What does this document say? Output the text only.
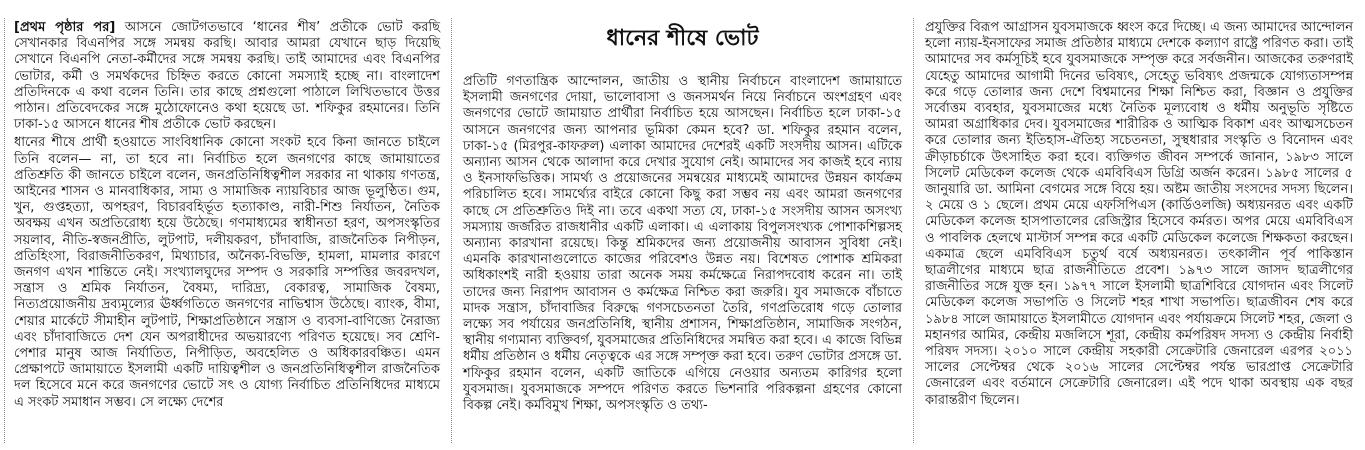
[প্রথম পৃষ্ঠার পর] আসনে জোটগতভাবে ‘ধানের শীষ’ প্রতীকে ভোট করছি সেখানকার বিএনপির সঙ্গে সমন্বয় করছি। আবার আমরা যেখানে ছাড় দিয়েছি সেখানে বিএনপি নেতা-কর্মীদের সঙ্গে সমন্বয় করছি। তাই আমাদের এবং বিএনপির ভোটার, কর্মী ও সমর্থকদের চিহ্নিত করতে কোনো সমস্যাই হচ্ছে না। বাংলাদেশ প্রতিদিনকে এ কথা বলেন তিনি। তার কাছে প্রশ্নগুলো পাঠালে লিখিতভাবে উত্তর পাঠান। প্রতিবেদকের সঙ্গে মুঠোফোনেও কথা হয়েছে ডা. শফিকুর রহমানের। তিনি ঢাকা-১৫ আসনে ধানের শীষ প্রতীকে ভোট করছেন।

ধানের শীষে প্রার্থী হওয়াতে সাংবিধানিক কোনো সংকট হবে কিনা জানতে চাইলে তিনি বলেন— না, তা হবে না। নির্বাচিত হলে জনগণের কাছে জামায়াতের প্রতিশ্রুতি কী জানতে চাইলে বলেন, জনপ্রতিনিধিত্বশীল সরকার না থাকায় গণতন্ত্র, আইনের শাসন ও মানবাধিকার, সাম্য ও সামাজিক ন্যায়বিচার আজ ভূলুণ্ঠিত। গুম, খুন, গুপ্তহত্যা, অপহরণ, বিচারবহির্ভূত হত্যাকাণ্ড, নারী-শিশু নির্যাতন, নৈতিক অবক্ষয় এখন অপ্রতিরোধ্য হয়ে উঠেছে। গণমাধ্যমের স্বাধীনতা হরণ, অপসংস্কৃতির সয়লাব, নীতি-স্বজনপ্রীতি, লুটপাট, দলীয়করণ, চাঁদাবাজি, রাজনৈতিক নিপীড়ন, প্রতিহিংসা, বিরাজনীতিকরণ, মিথ্যাচার, অনৈক্য-বিভক্তি, হামলা, মামলার কারণে জনগণ এখন শান্তিতে নেই। সংখ্যালঘুদের সম্পদ ও সরকারি সম্পত্তির জবরদখল, সন্ত্রাস ও শ্রমিক নির্যাতন, বৈষম্য, দারিদ্র্য, বেকারত্ব, সামাজিক বৈষম্য, নিত্যপ্রয়োজনীয় দ্রব্যমূল্যের ঊর্ধ্বগতিতে জনগণের নাভিশ্বাস উঠেছে। ব্যাংক, বীমা, শেয়ার মার্কেটে সীমাহীন লুটপাট, শিক্ষাপ্রতিষ্ঠানে সন্ত্রাস ও ব্যবসা-বাণিজ্যে নৈরাজ্য এবং চাঁদাবাজিতে দেশ যেন অপরাধীদের অভয়ারণ্যে পরিণত হয়েছে। সব শ্রেণি-পেশার মানুষ আজ নির্যাতিত, নিপীড়িত, অবহেলিত ও অধিকারবঞ্চিত। এমন প্রেক্ষাপটে জামায়াতে ইসলামী একটি দায়িত্বশীল ও জনপ্রতিনিধিত্বশীল রাজনৈতিক দল হিসেবে মনে করে জনগণের ভোটে সৎ ও যোগ্য নির্বাচিত প্রতিনিধিদের মাধ্যমে এ সংকট সমাধান সম্ভব। সে লক্ষ্যে দেশের

ধানের শীষে ভোট

প্রতিটি গণতান্ত্রিক আন্দোলন, জাতীয় ও স্থানীয় নির্বাচনে বাংলাদেশ জামায়াতে ইসলামী জনগণের দোয়া, ভালোবাসা ও জনসমর্থন নিয়ে নির্বাচনে অংশগ্রহণ এবং জনগণের ভোটে জামায়াত প্রার্থীরা নির্বাচিত হয়ে আসছেন। নির্বাচিত হলে ঢাকা-১৫ আসনে জনগণের জন্য আপনার ভূমিকা কেমন হবে? ডা. শফিকুর রহমান বলেন, ঢাকা-১৫ (মিরপুর-কাফরুল) এলাকা আমাদের দেশেরই একটি সংসদীয় আসন। এটিকে অন্যান্য আসন থেকে আলাদা করে দেখার সুযোগ নেই। আমাদের সব কাজই হবে ন্যায় ও ইনসাফভিত্তিক। সামর্থ্য ও প্রয়োজনের সমন্বয়ের মাধ্যমেই আমাদের উন্নয়ন কার্যক্রম পরিচালিত হবে। সামর্থ্যের বাইরে কোনো কিছু করা সম্ভব নয় এবং আমরা জনগণের কাছে সে প্রতিশ্রুতিও দিই না। তবে একথা সত্য যে, ঢাকা-১৫ সংসদীয় আসন অসংখ্য সমস্যায় জর্জরিত রাজধানীর একটি এলাকা। এ এলাকায় বিপুলসংখ্যক পোশাকশিল্পসহ অন্যান্য কারখানা রয়েছে। কিন্তু শ্রমিকদের জন্য প্রয়োজনীয় আবাসন সুবিধা নেই। এমনকি কারখানাগুলোতে কাজের পরিবেশও উন্নত নয়। বিশেষত পোশাক শ্রমিকরা অধিকাংশই নারী হওয়ায় তারা অনেক সময় কর্মক্ষেত্রে নিরাপদবোধ করেন না। তাই তাদের জন্য নিরাপদ আবাসন ও কর্মক্ষেত্র নিশ্চিত করা জরুরি। যুব সমাজকে বাঁচাতে মাদক সন্ত্রাস, চাঁদাবাজির বিরুদ্ধে গণসচেতনতা তৈরি, গণপ্রতিরোধ গড়ে তোলার লক্ষ্যে সব পর্যায়ের জনপ্রতিনিধি, স্থানীয় প্রশাসন, শিক্ষাপ্রতিষ্ঠান, সামাজিক সংগঠন, স্থানীয় গণ্যমান্য ব্যক্তিবর্গ, যুবসমাজের প্রতিনিধিদের সমন্বিত করা হবে। এ কাজে বিভিন্ন ধর্মীয় প্রতিষ্ঠান ও ধর্মীয় নেতৃত্বকে এর সঙ্গে সম্পৃক্ত করা হবে। তরুণ ভোটার প্রসঙ্গে ডা. শফিকুর রহমান বলেন, একটি জাতিকে এগিয়ে নেওয়ার অন্যতম কারিগর হলো যুবসমাজ। যুবসমাজকে সম্পদে পরিণত করতে ভিশনারি পরিকল্পনা গ্রহণের কোনো বিকল্প নেই। কর্মবিমুখ শিক্ষা, অপসংস্কৃতি ও তথ্য-

প্রযুক্তির বিরূপ আগ্রাসন যুবসমাজকে ধ্বংস করে দিচ্ছে। এ জন্য আমাদের আন্দোলন হলো ন্যায়-ইনসাফের সমাজ প্রতিষ্ঠার মাধ্যমে দেশকে কল্যাণ রাষ্ট্রে পরিণত করা। তাই আমাদের সব কর্মসূচিই হবে যুবসমাজকে সম্পৃক্ত করে সর্বজনীন। আজকের তরুণরাই যেহেতু আমাদের আগামী দিনের ভবিষ্যৎ, সেহেতু ভবিষ্যৎ প্রজন্মকে যোগ্যতাসম্পন্ন করে গড়ে তোলার জন্য দেশে বিশ্বমানের শিক্ষা নিশ্চিত করা, বিজ্ঞান ও প্রযুক্তির সর্বোত্তম ব্যবহার, যুবসমাজের মধ্যে নৈতিক মূল্যবোধ ও ধর্মীয় অনুভূতি সৃষ্টিতে আমরা অগ্রাধিকার দেব। যুবসমাজের শারীরিক ও আত্মিক বিকাশ এবং আত্মসচেতন করে তোলার জন্য ইতিহাস-ঐতিহ্য সচেতনতা, সুস্থধারার সংস্কৃতি ও বিনোদন এবং ক্রীড়াচর্চাকে উৎসাহিত করা হবে। ব্যক্তিগত জীবন সম্পর্কে জানান, ১৯৮৩ সালে সিলেট মেডিকেল কলেজ থেকে এমবিবিএস ডিগ্রি অর্জন করেন। ১৯৮৫ সালের ৫ জানুয়ারি ডা. আমিনা বেগমের সঙ্গে বিয়ে হয়। অষ্টম জাতীয় সংসদের সদস্য ছিলেন। ২ মেয়ে ও ১ ছেলে। প্রথম মেয়ে এফসিপিএস (কার্ডিওলজি) অধ্যয়নরত এবং একটি মেডিকেল কলেজ হাসপাতালের রেজিস্ট্রার হিসেবে কর্মরত। অপর মেয়ে এমবিবিএস ও পাবলিক হেলথে মাস্টার্স সম্পন্ন করে একটি মেডিকেল কলেজে শিক্ষকতা করছেন। একমাত্র ছেলে এমবিবিএস চতুর্থ বর্ষে অধ্যয়নরত। তৎকালীন পূর্ব পাকিস্তান ছাত্রলীগের মাধ্যমে ছাত্র রাজনীতিতে প্রবেশ। ১৯৭৩ সালে জাসদ ছাত্রলীগের রাজনীতির সঙ্গে যুক্ত হন। ১৯৭৭ সালে ইসলামী ছাত্রশিবিরে যোগদান এবং সিলেট মেডিকেল কলেজ সভাপতি ও সিলেট শহর শাখা সভাপতি। ছাত্রজীবন শেষ করে ১৯৮৪ সালে জামায়াতে ইসলামীতে যোগদান এবং পর্যায়ক্রমে সিলেট শহর, জেলা ও মহানগর আমির, কেন্দ্রীয় মজলিসে শূরা, কেন্দ্রীয় কর্মপরিষদ সদস্য ও কেন্দ্রীয় নির্বাহী পরিষদ সদস্য। ২০১০ সালে কেন্দ্রীয় সহকারী সেক্রেটারি জেনারেল এরপর ২০১১ সালের সেপ্টেম্বর থেকে ২০১৬ সালের সেপ্টেম্বর পর্যন্ত ভারপ্রাপ্ত সেক্রেটারি জেনারেল এবং বর্তমানে সেক্রেটারি জেনারেল। এই পদে থাকা অবস্থায় এক বছর কারান্তরীণ ছিলেন।
